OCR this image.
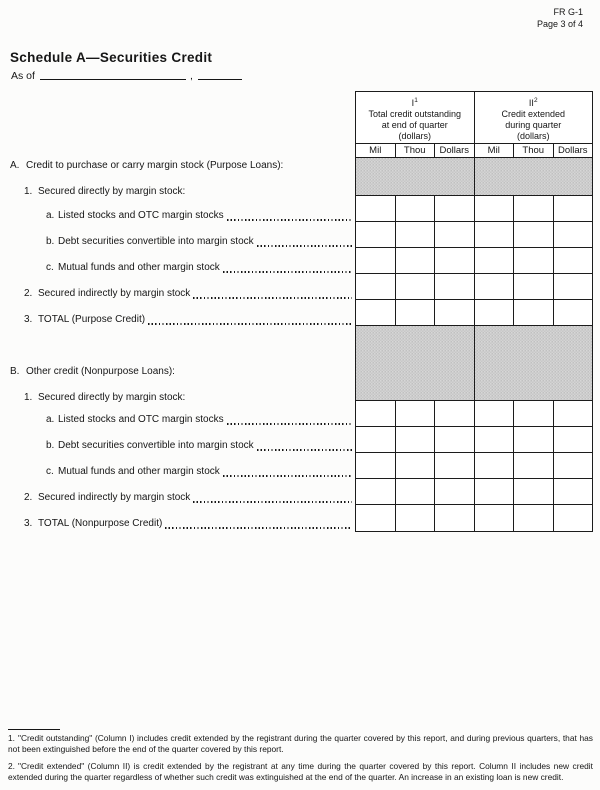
FR G-1
Page 3 of 4
Schedule A—Securities Credit
As of	,
A. Credit to purchase or carry margin stock (Purpose Loans):
1. Secured directly by margin stock:
a. Listed stocks and OTC margin stocks
b. Debt securities convertible into margin stock
c. Mutual funds and other margin stock
2. Secured indirectly by margin stock
3. TOTAL (Purpose Credit)
B. Other credit (Nonpurpose Loans):
1. Secured directly by margin stock:
a. Listed stocks and OTC margin stocks
b. Debt securities convertible into margin stock
c. Mutual funds and other margin stock
2. Secured indirectly by margin stock
3. TOTAL (Nonpurpose Credit)
$I^1$
Total credit outstanding
at end of quarter
(dollars)
$II^2$
Credit extended
during quarter
(dollars)
Mil	Thou	Dollars	Mil	Thou	Dollars

1. "Credit outstanding" (Column I) includes credit extended by the registrant during the quarter covered by this report, and during previous quarters, that has not been extinguished before the end of the quarter covered by this report.

2. "Credit extended" (Column II) is credit extended by the registrant at any time during the quarter covered by this report. Column II includes new credit extended during the quarter regardless of whether such credit was extinguished at the end of the quarter. An increase in an existing loan is new credit.
